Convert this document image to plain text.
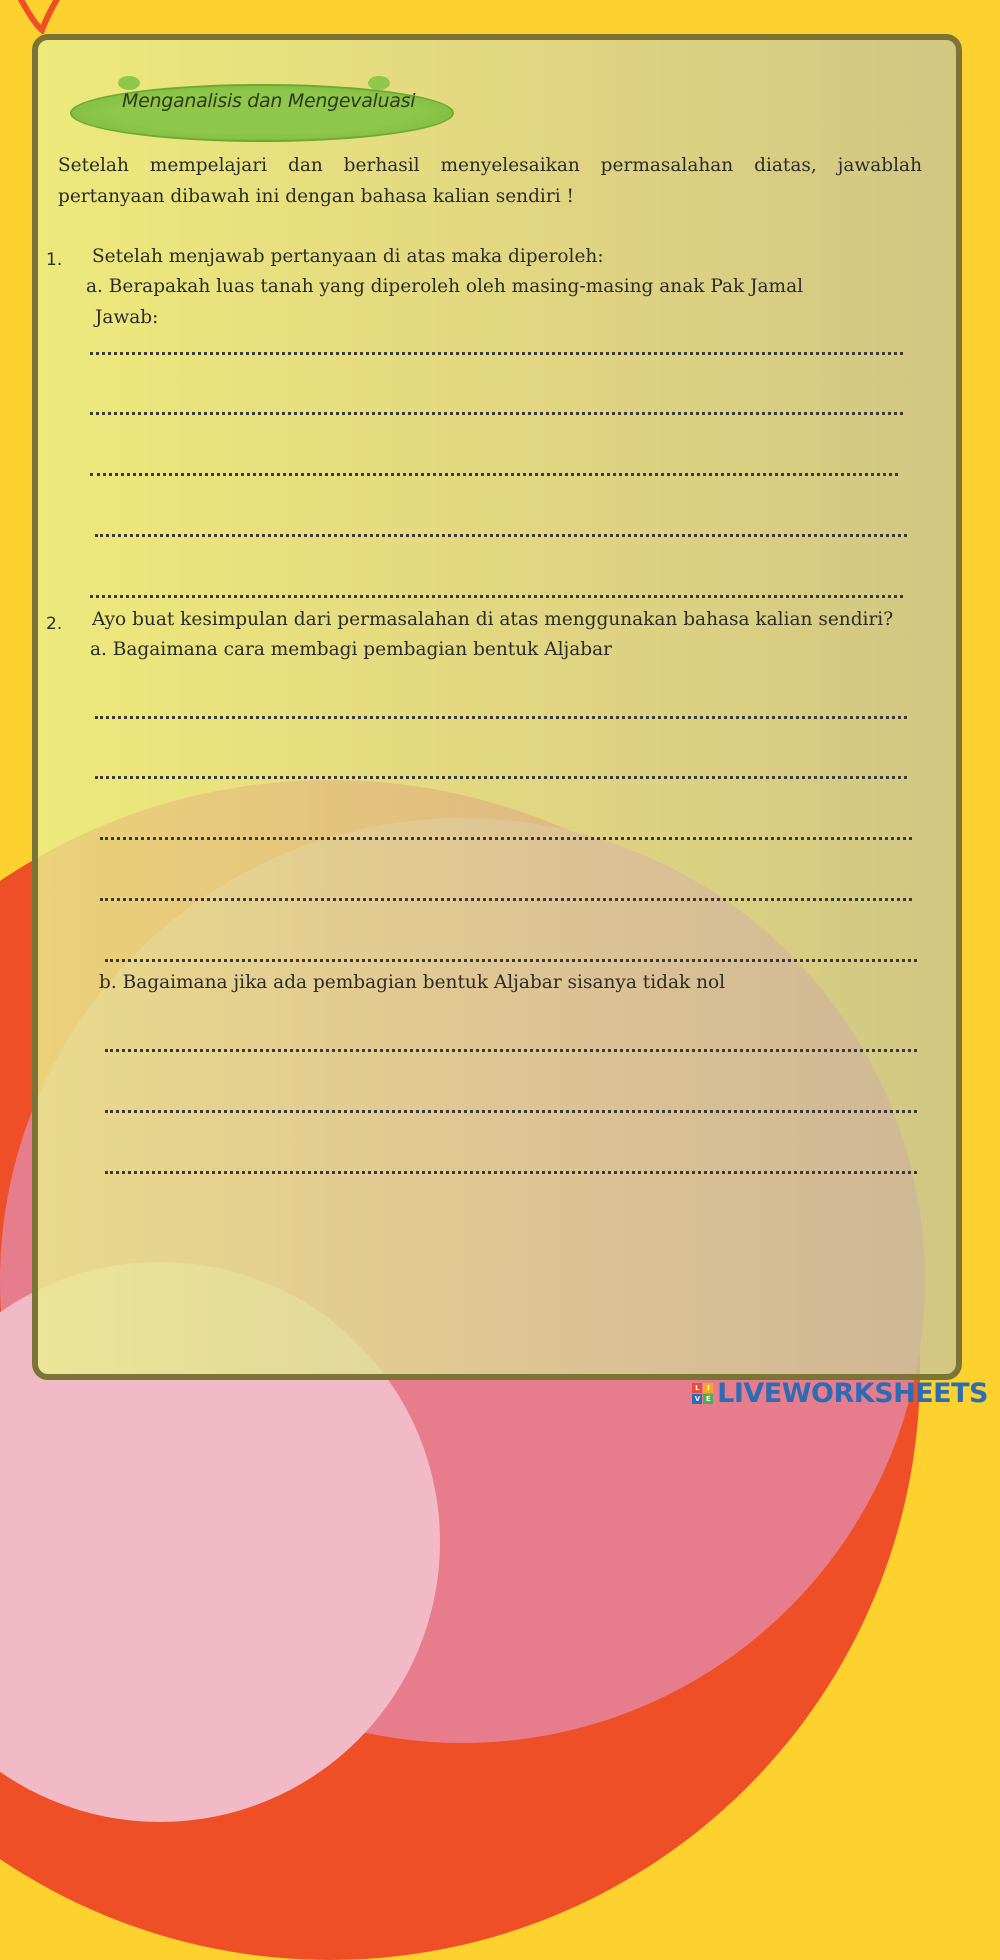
Menganalisis dan Mengevaluasi
Setelah mempelajari dan berhasil menyelesaikan permasalahan diatas, jawablah pertanyaan dibawah ini dengan bahasa kalian sendiri !
1. Setelah menjawab pertanyaan di atas maka diperoleh:
a. Berapakah luas tanah yang diperoleh oleh masing-masing anak Pak Jamal
Jawab:
2. Ayo buat kesimpulan dari permasalahan di atas menggunakan bahasa kalian sendiri?
a. Bagaimana cara membagi pembagian bentuk Aljabar
b. Bagaimana jika ada pembagian bentuk Aljabar sisanya tidak nol
L	I
V E LIVEWORKSHEETS
